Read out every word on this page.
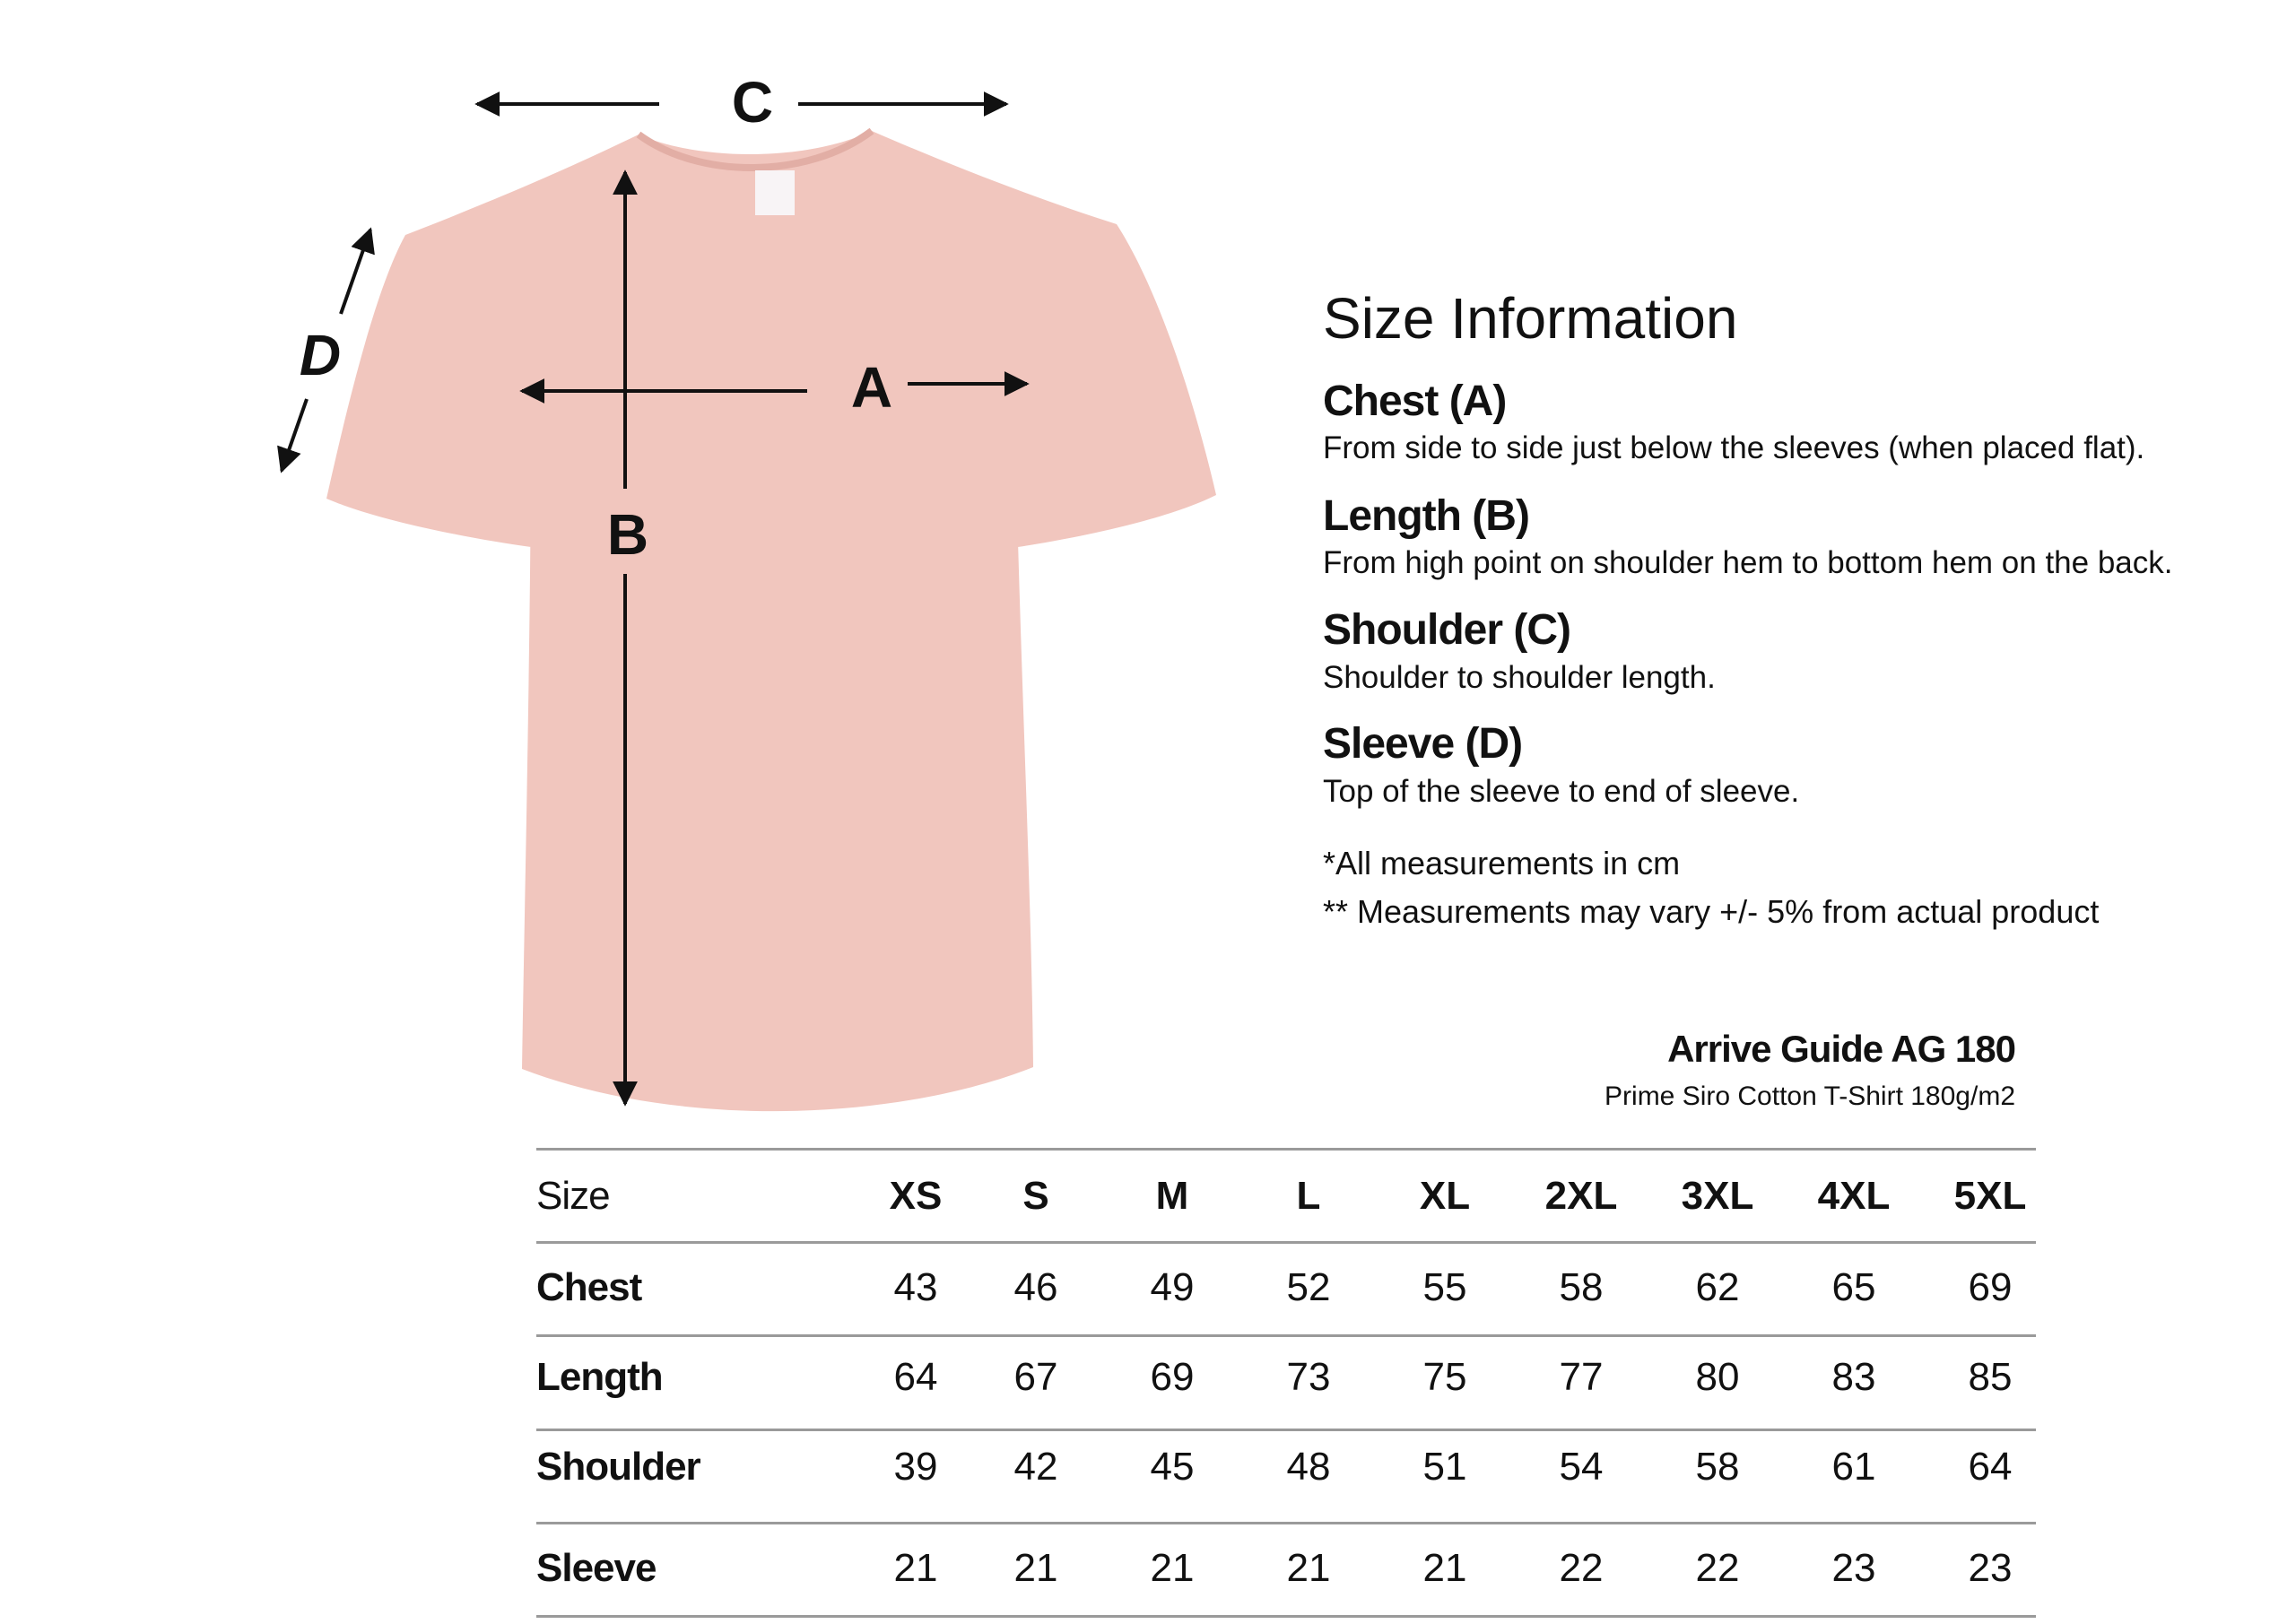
C
A
B
D
Size Information
Chest (A)
From side to side just below the sleeves (when placed flat).
Length (B)
From high point on shoulder hem to bottom hem on the back.
Shoulder (C)
Shoulder to shoulder length.
Sleeve (D)
Top of the sleeve to end of sleeve.
*All measurements in cm
** Measurements may vary +/- 5% from actual product
Arrive Guide AG 180
Prime Siro Cotton T-Shirt 180g/m2
Size	XS S	M	L	XL 2XL 3XL 4XL 5XL
Chest	43 46 49 52 55 58 62 65 69
Length	64 67 69 73 75 77 80 83 85
Shoulder	39 42 45 48 51 54 58 61 64
Sleeve	21 21 21 21 21 22 22 23 23
